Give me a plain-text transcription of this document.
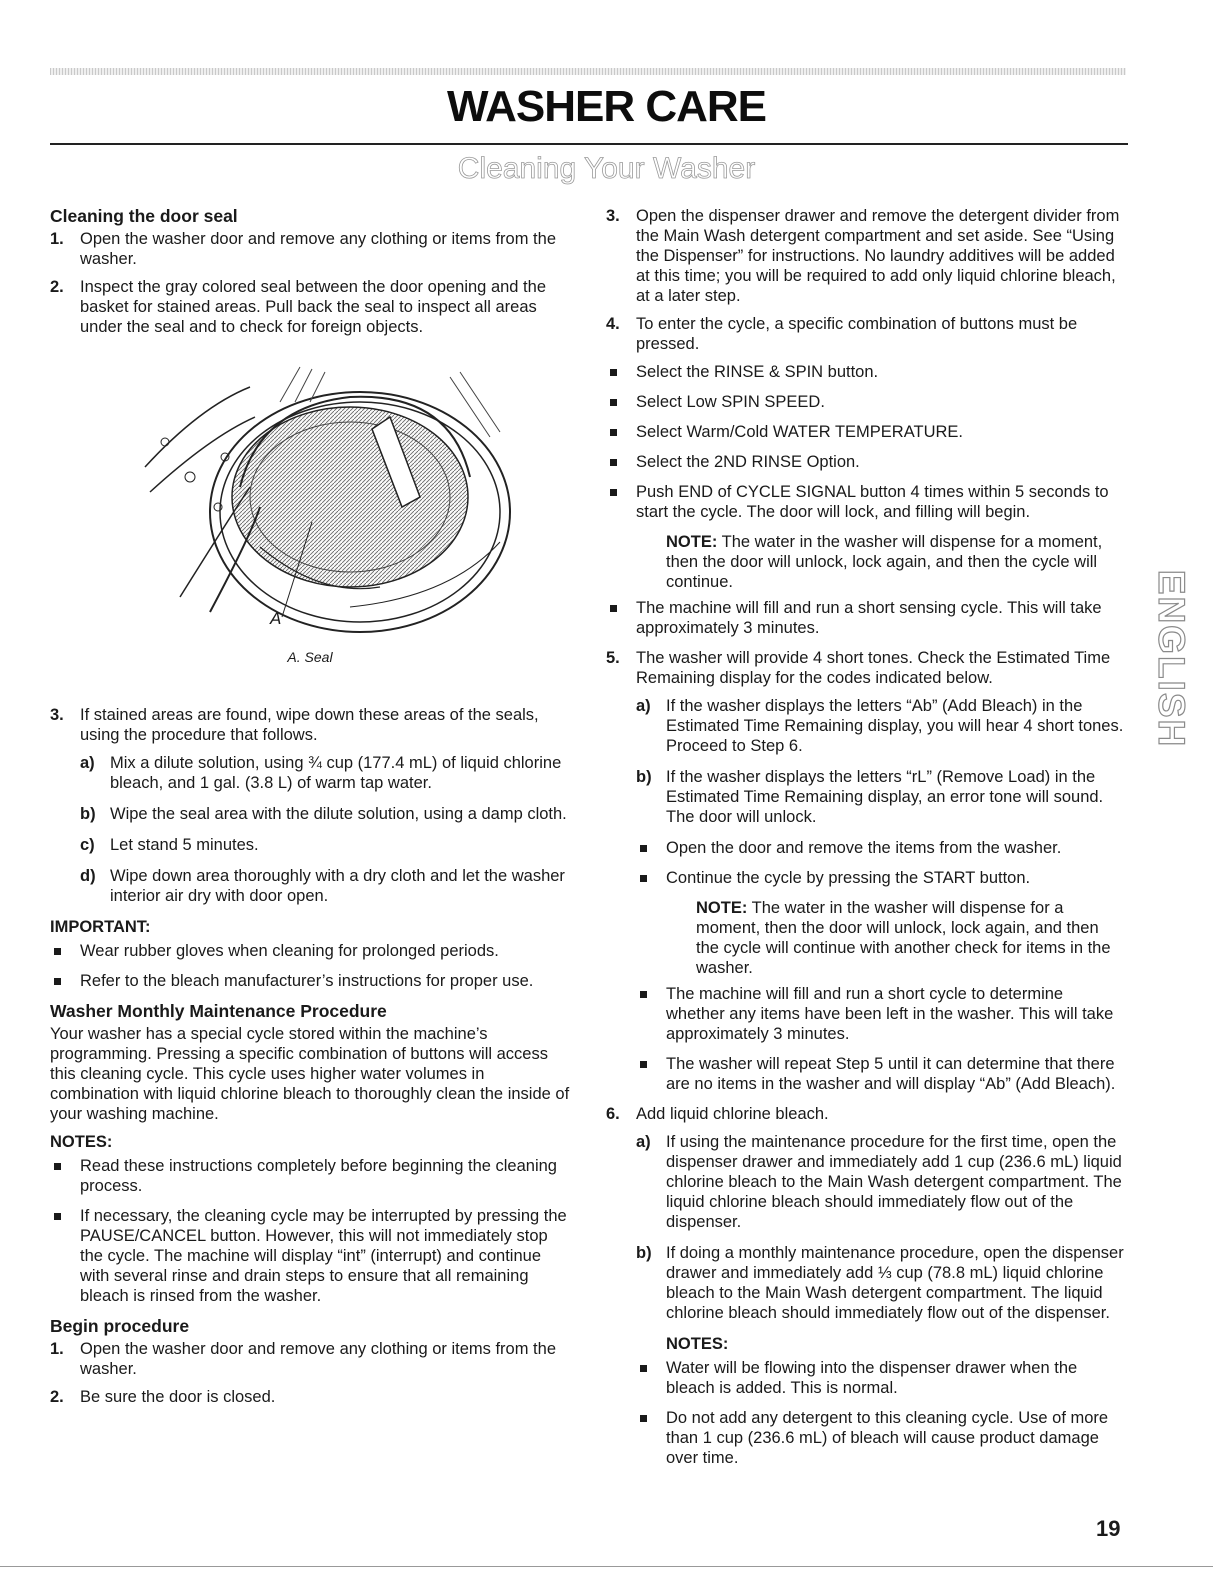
WASHER CARE
Cleaning Your Washer
Cleaning the door seal
1. Open the washer door and remove any clothing or items from the washer.
2. Inspect the gray colored seal between the door opening and the basket for stained areas. Pull back the seal to inspect all areas under the seal and to check for foreign objects.
A
A. Seal
3. If stained areas are found, wipe down these areas of the seals, using the procedure that follows.
a) Mix a dilute solution, using ¾ cup (177.4 mL) of liquid chlorine bleach, and 1 gal. (3.8 L) of warm tap water.
b) Wipe the seal area with the dilute solution, using a damp cloth.
c) Let stand 5 minutes.
d) Wipe down area thoroughly with a dry cloth and let the washer interior air dry with door open.
IMPORTANT:
Wear rubber gloves when cleaning for prolonged periods.
Refer to the bleach manufacturer’s instructions for proper use.
Washer Monthly Maintenance Procedure
Your washer has a special cycle stored within the machine’s programming. Pressing a specific combination of buttons will access this cleaning cycle. This cycle uses higher water volumes in combination with liquid chlorine bleach to thoroughly clean the inside of your washing machine.
NOTES:
Read these instructions completely before beginning the cleaning process.
If necessary, the cleaning cycle may be interrupted by pressing the PAUSE/CANCEL button. However, this will not immediately stop the cycle. The machine will display “int” (interrupt) and continue with several rinse and drain steps to ensure that all remaining bleach is rinsed from the washer.
Begin procedure
1. Open the washer door and remove any clothing or items from the washer.
2. Be sure the door is closed.
3. Open the dispenser drawer and remove the detergent divider from the Main Wash detergent compartment and set aside. See “Using the Dispenser” for instructions. No laundry additives will be added at this time; you will be required to add only liquid chlorine bleach, at a later step.
4. To enter the cycle, a specific combination of buttons must be pressed.
Select the RINSE & SPIN button.
Select Low SPIN SPEED.
Select Warm/Cold WATER TEMPERATURE.
Select the 2ND RINSE Option.
Push END of CYCLE SIGNAL button 4 times within 5 seconds to start the cycle. The door will lock, and filling will begin.
NOTE: The water in the washer will dispense for a moment, then the door will unlock, lock again, and then the cycle will continue.
The machine will fill and run a short sensing cycle. This will take approximately 3 minutes.
5. The washer will provide 4 short tones. Check the Estimated Time Remaining display for the codes indicated below.
a) If the washer displays the letters “Ab” (Add Bleach) in the Estimated Time Remaining display, you will hear 4 short tones. Proceed to Step 6.
b) If the washer displays the letters “rL” (Remove Load) in the Estimated Time Remaining display, an error tone will sound. The door will unlock.
Open the door and remove the items from the washer.
Continue the cycle by pressing the START button.
NOTE: The water in the washer will dispense for a moment, then the door will unlock, lock again, and then the cycle will continue with another check for items in the washer.
The machine will fill and run a short cycle to determine whether any items have been left in the washer. This will take approximately 3 minutes.
The washer will repeat Step 5 until it can determine that there are no items in the washer and will display “Ab” (Add Bleach).
6. Add liquid chlorine bleach.
a) If using the maintenance procedure for the first time, open the dispenser drawer and immediately add 1 cup (236.6 mL) liquid chlorine bleach to the Main Wash detergent compartment. The liquid chlorine bleach should immediately flow out of the dispenser.
b) If doing a monthly maintenance procedure, open the dispenser drawer and immediately add ⅓ cup (78.8 mL) liquid chlorine bleach to the Main Wash detergent compartment. The liquid chlorine bleach should immediately flow out of the dispenser.
NOTES:
Water will be flowing into the dispenser drawer when the bleach is added. This is normal.
Do not add any detergent to this cleaning cycle. Use of more than 1 cup (236.6 mL) of bleach will cause product damage over time.
ENGLISH
19
